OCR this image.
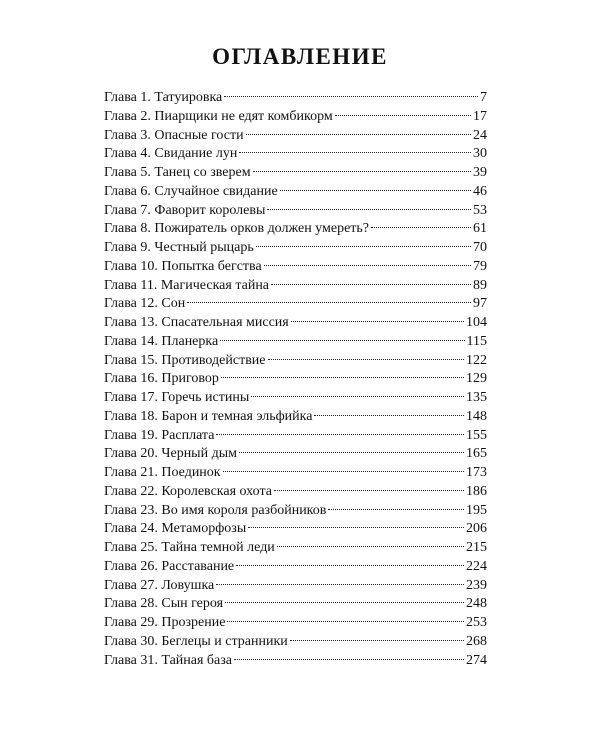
ОГЛАВЛЕНИЕ
Глава 1. Татуировка	7
Глава 2. Пиарщики не едят комбикорм	17
Глава 3. Опасные гости	24
Глава 4. Свидание лун	30
Глава 5. Танец со зверем	39
Глава 6. Случайное свидание	46
Глава 7. Фаворит королевы	53
Глава 8. Пожиратель орков должен умереть?	61
Глава 9. Честный рыцарь	70
Глава 10. Попытка бегства	79
Глава 11. Магическая тайна	89
Глава 12. Сон	97
Глава 13. Спасательная миссия	104
Глава 14. Планерка	115
Глава 15. Противодействие	122
Глава 16. Приговор	129
Глава 17. Горечь истины	135
Глава 18. Барон и темная эльфийка	148
Глава 19. Расплата	155
Глава 20. Черный дым	165
Глава 21. Поединок	173
Глава 22. Королевская охота	186
Глава 23. Во имя короля разбойников	195
Глава 24. Метаморфозы	206
Глава 25. Тайна темной леди	215
Глава 26. Расставание	224
Глава 27. Ловушка	239
Глава 28. Сын героя	248
Глава 29. Прозрение	253
Глава 30. Беглецы и странники	268
Глава 31. Тайная база	274
